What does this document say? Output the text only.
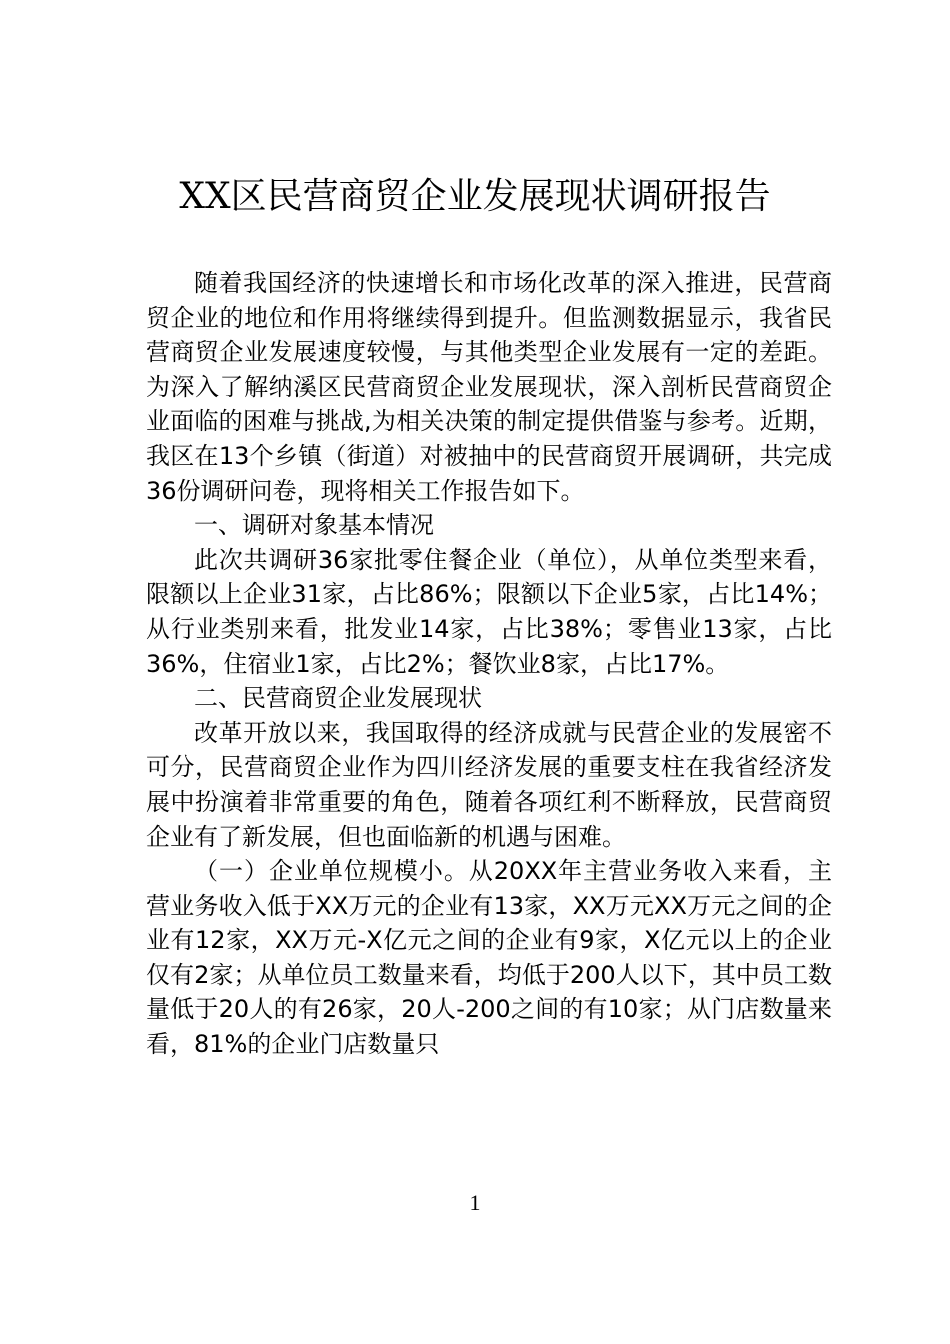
XX区民营商贸企业发展现状调研报告

随着我国经济的快速增长和市场化改革的深入推进，民营商贸企业的地位和作用将继续得到提升。但监测数据显示，我省民营商贸企业发展速度较慢，与其他类型企业发展有一定的差距。为深入了解纳溪区民营商贸企业发展现状，深入剖析民营商贸企业面临的困难与挑战,为相关决策的制定提供借鉴与参考。近期，我区在13个乡镇（街道）对被抽中的民营商贸开展调研，共完成36份调研问卷，现将相关工作报告如下。

一、调研对象基本情况

此次共调研36家批零住餐企业（单位），从单位类型来看，限额以上企业31家，占比86%；限额以下企业5家，占比14%；从行业类别来看，批发业14家，占比38%；零售业13家，占比36%，住宿业1家，占比2%；餐饮业8家，占比17%。

二、民营商贸企业发展现状

改革开放以来，我国取得的经济成就与民营企业的发展密不可分，民营商贸企业作为四川经济发展的重要支柱在我省经济发展中扮演着非常重要的角色，随着各项红利不断释放，民营商贸企业有了新发展，但也面临新的机遇与困难。

（一）企业单位规模小。从20XX年主营业务收入来看，主营业务收入低于XX万元的企业有13家，XX万元XX万元之间的企业有12家，XX万元-X亿元之间的企业有9家，X亿元以上的企业仅有2家；从单位员工数量来看，均低于200人以下，其中员工数量低于20人的有26家，20人-200之间的有10家；从门店数量来看，81%的企业门店数量只

1
